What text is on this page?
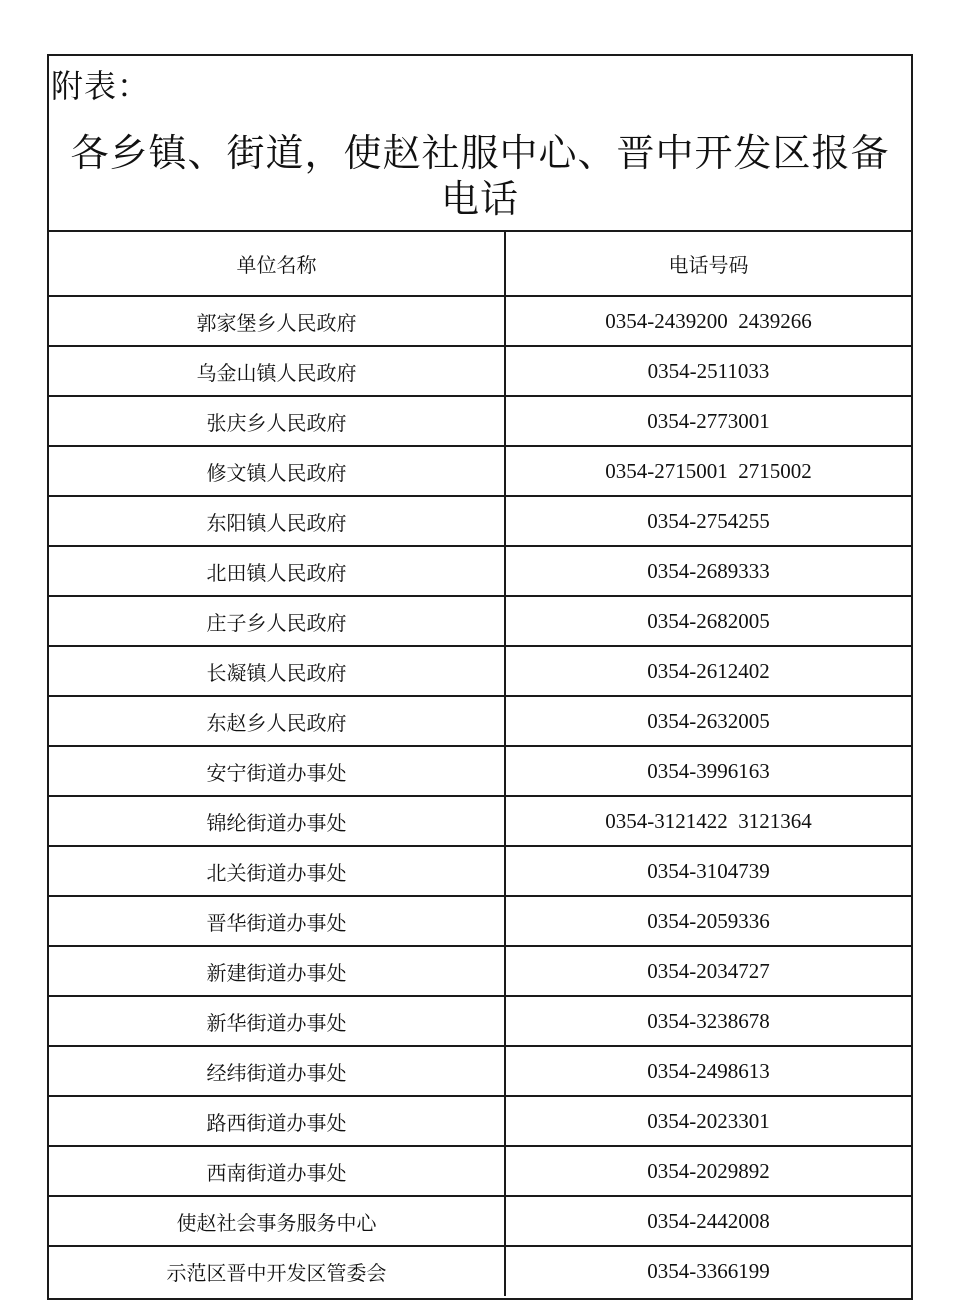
附表：
各乡镇、街道，使赵社服中心、晋中开发区报备电话
单位名称	电话号码
郭家堡乡人民政府	0354-2439200  2439266
乌金山镇人民政府	0354-2511033
张庆乡人民政府	0354-2773001
修文镇人民政府	0354-2715001  2715002
东阳镇人民政府	0354-2754255
北田镇人民政府	0354-2689333
庄子乡人民政府	0354-2682005
长凝镇人民政府	0354-2612402
东赵乡人民政府	0354-2632005
安宁街道办事处	0354-3996163
锦纶街道办事处	0354-3121422  3121364
北关街道办事处	0354-3104739
晋华街道办事处	0354-2059336
新建街道办事处	0354-2034727
新华街道办事处	0354-3238678
经纬街道办事处	0354-2498613
路西街道办事处	0354-2023301
西南街道办事处	0354-2029892
使赵社会事务服务中心	0354-2442008
示范区晋中开发区管委会	0354-3366199
